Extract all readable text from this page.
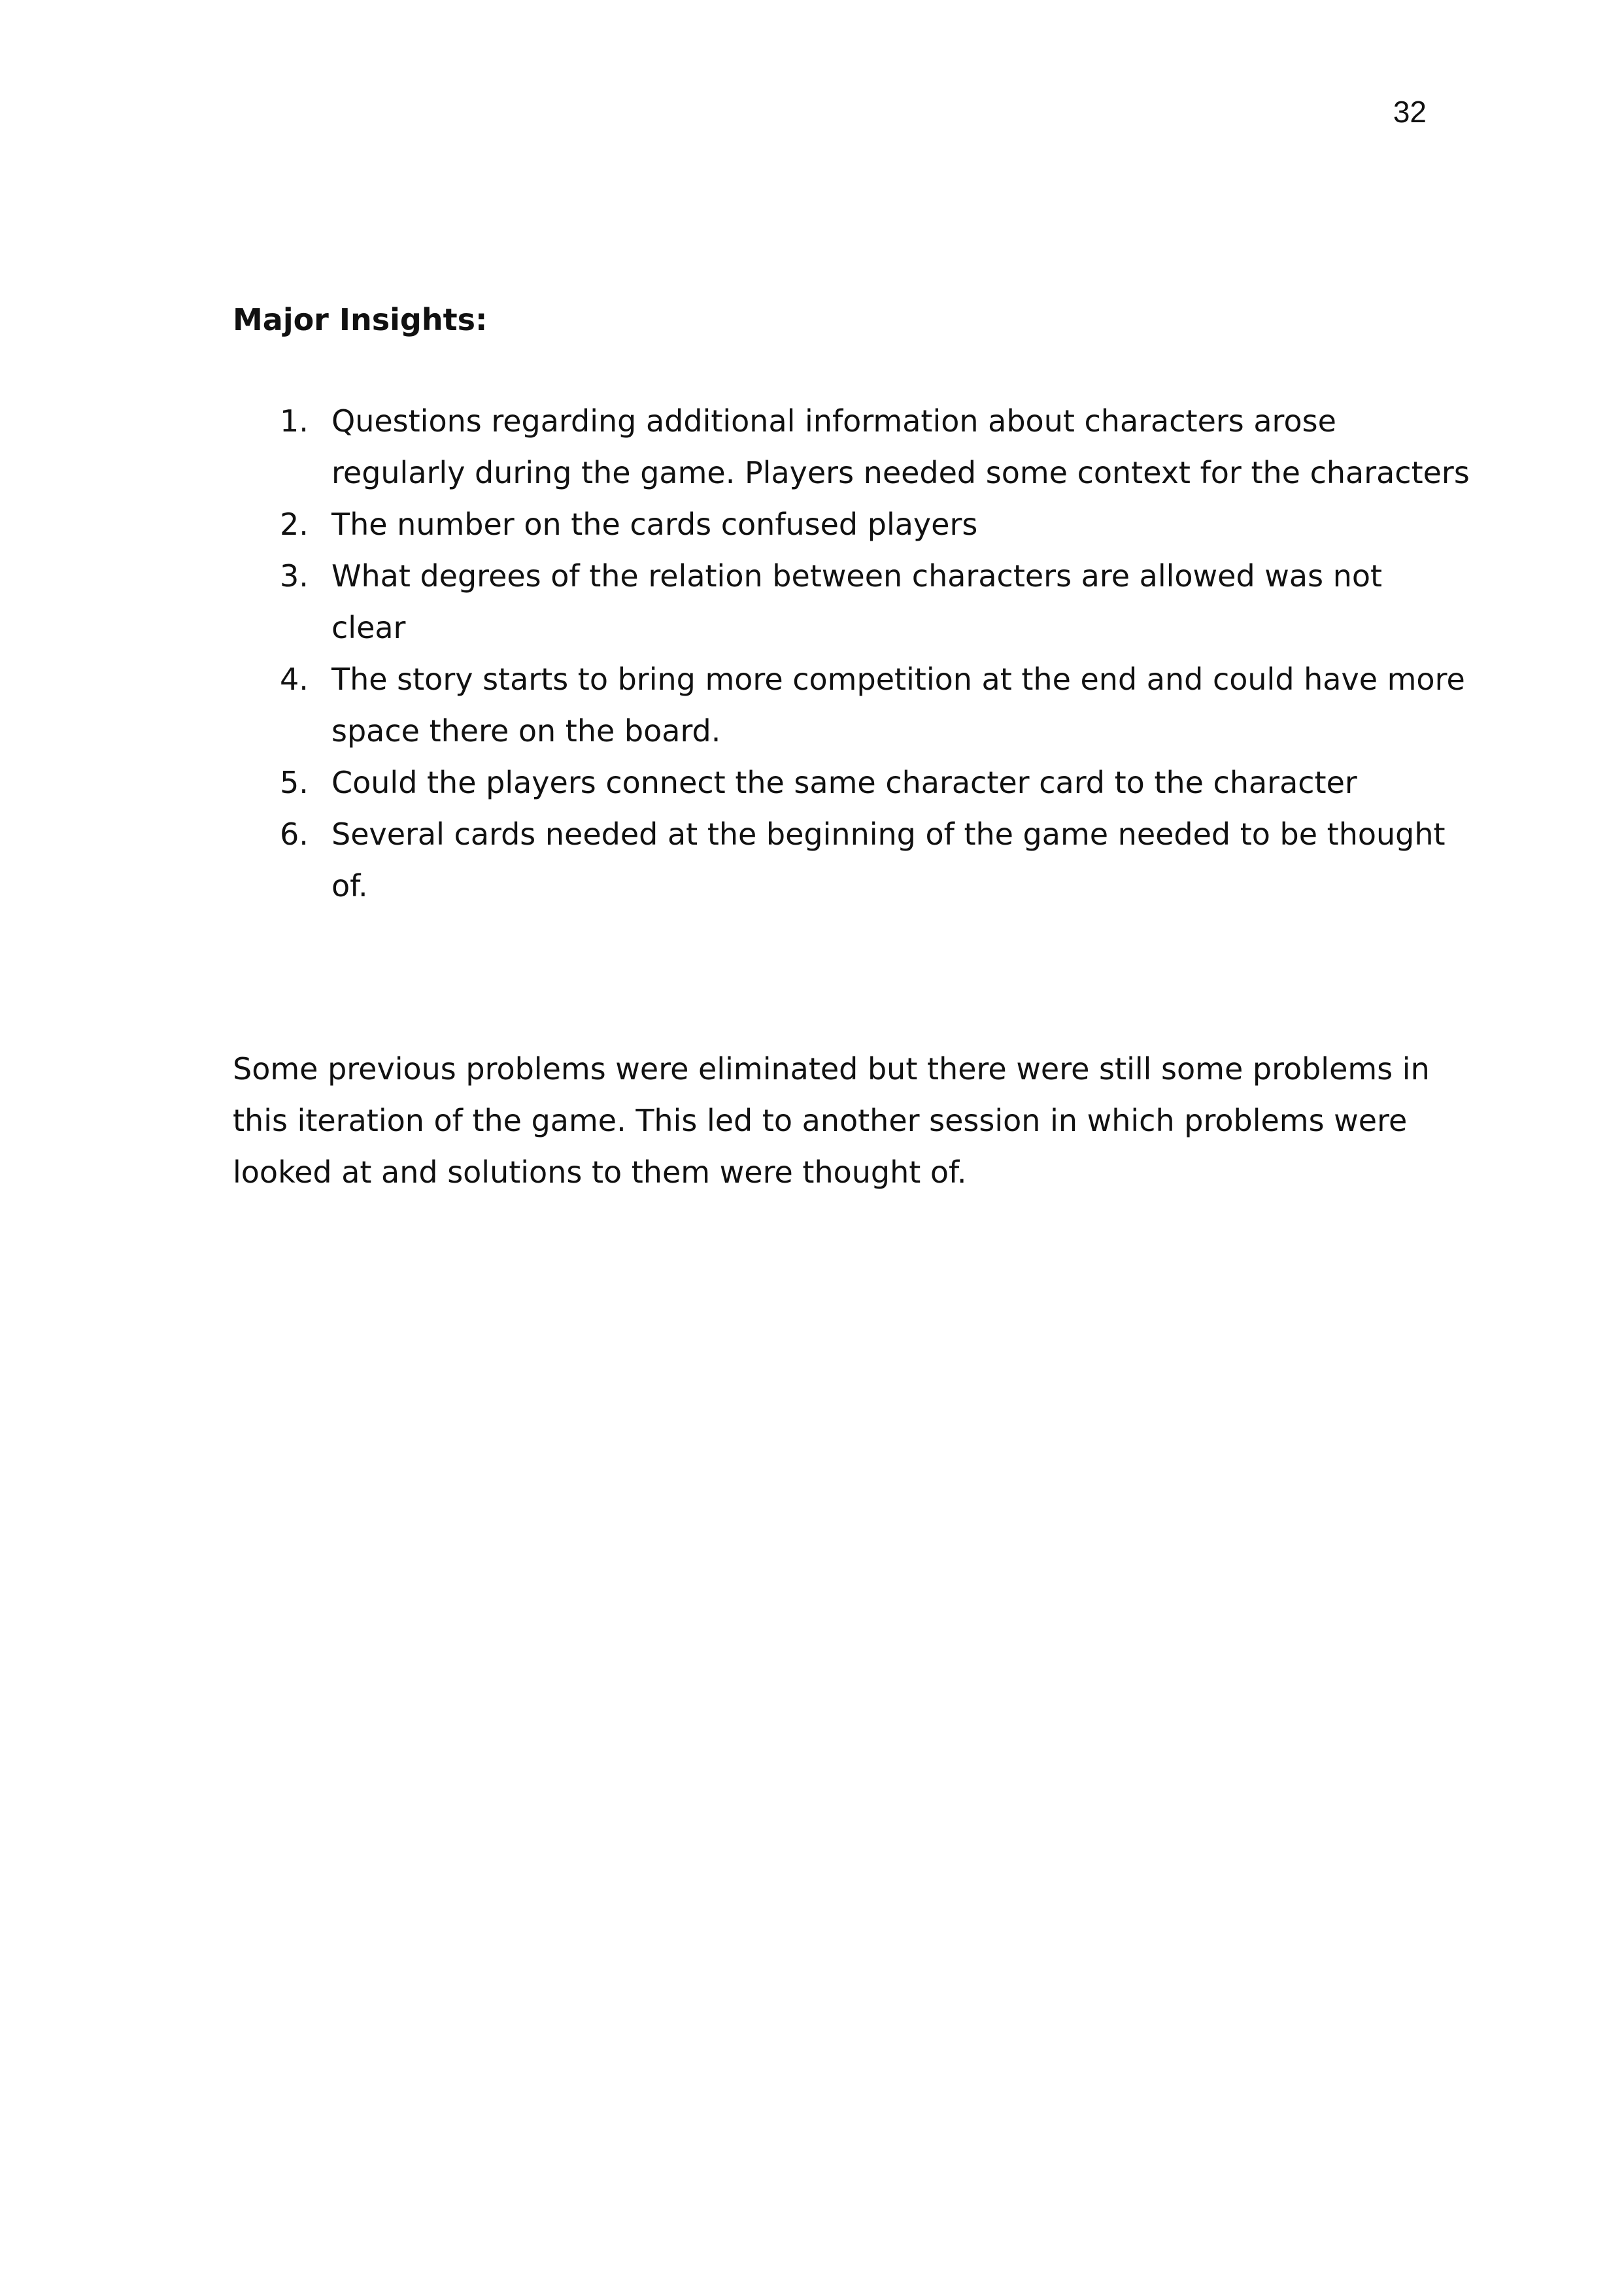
32

Major Insights:

1. Questions regarding additional information about characters arose
regularly during the game. Players needed some context for the characters
2. The number on the cards confused players
3. What degrees of the relation between characters are allowed was not
clear
4. The story starts to bring more competition at the end and could have more
space there on the board.
5. Could the players connect the same character card to the character
6. Several cards needed at the beginning of the game needed to be thought
of.

Some previous problems were eliminated but there were still some problems in
this iteration of the game. This led to another session in which problems were
looked at and solutions to them were thought of.
